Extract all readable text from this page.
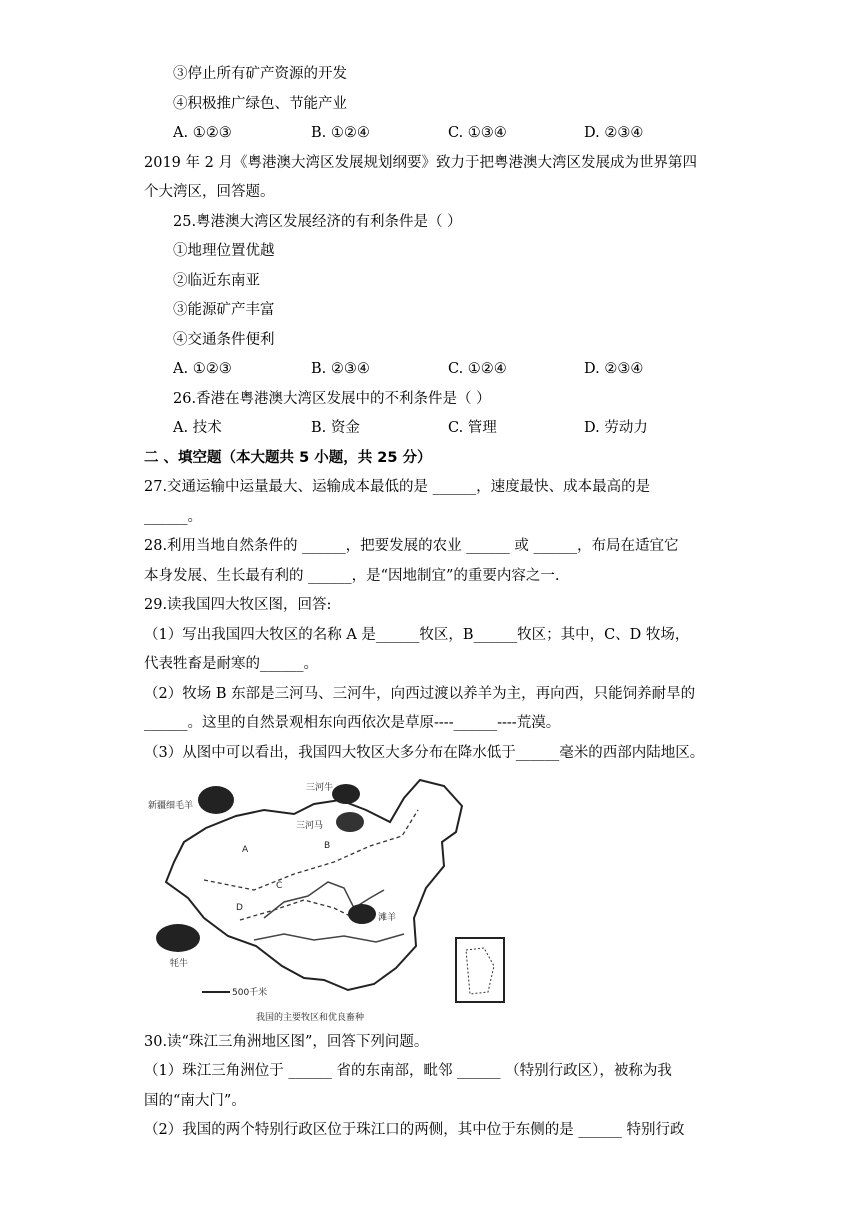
③停止所有矿产资源的开发
④积极推广绿色、节能产业
A. ①②③	B. ①②④	C. ①③④	D. ②③④
2019 年 2 月《粤港澳大湾区发展规划纲要》致力于把粤港澳大湾区发展成为世界第四
个大湾区，回答题。
25.粤港澳大湾区发展经济的有利条件是（ ）
①地理位置优越
②临近东南亚
③能源矿产丰富
④交通条件便利
A. ①②③	B. ②③④	C. ①②④	D. ②③④
26.香港在粤港澳大湾区发展中的不利条件是（ ）
A. 技术	B. 资金	C. 管理	D. 劳动力
二 、填空题（本大题共 5 小题，共 25 分）
27.交通运输中运量最大、运输成本最低的是 ______，速度最快、成本最高的是
______。
28.利用当地自然条件的 ______，把要发展的农业 ______ 或 ______，布局在适宜它
本身发展、生长最有利的 ______，是“因地制宜”的重要内容之一.
29.读我国四大牧区图，回答:
（1）写出我国四大牧区的名称 A 是______牧区，B______牧区；其中，C、D 牧场，
代表牲畜是耐寒的______。
（2）牧场 B 东部是三河马、三河牛，向西过渡以养羊为主，再向西，只能饲养耐旱的
______。这里的自然景观相东向西依次是草原----______----荒漠。
（3）从图中可以看出，我国四大牧区大多分布在降水低于______毫米的西部内陆地区。
新疆细毛羊
三河牛
三河马
滩羊
牦牛
A	B
C
D
500千米
我国的主要牧区和优良畜种
30.读“珠江三角洲地区图”，回答下列问题。
（1）珠江三角洲位于 ______ 省的东南部，毗邻 ______ （特别行政区），被称为我
国的“南大门”。
（2）我国的两个特别行政区位于珠江口的两侧，其中位于东侧的是 ______ 特别行政
